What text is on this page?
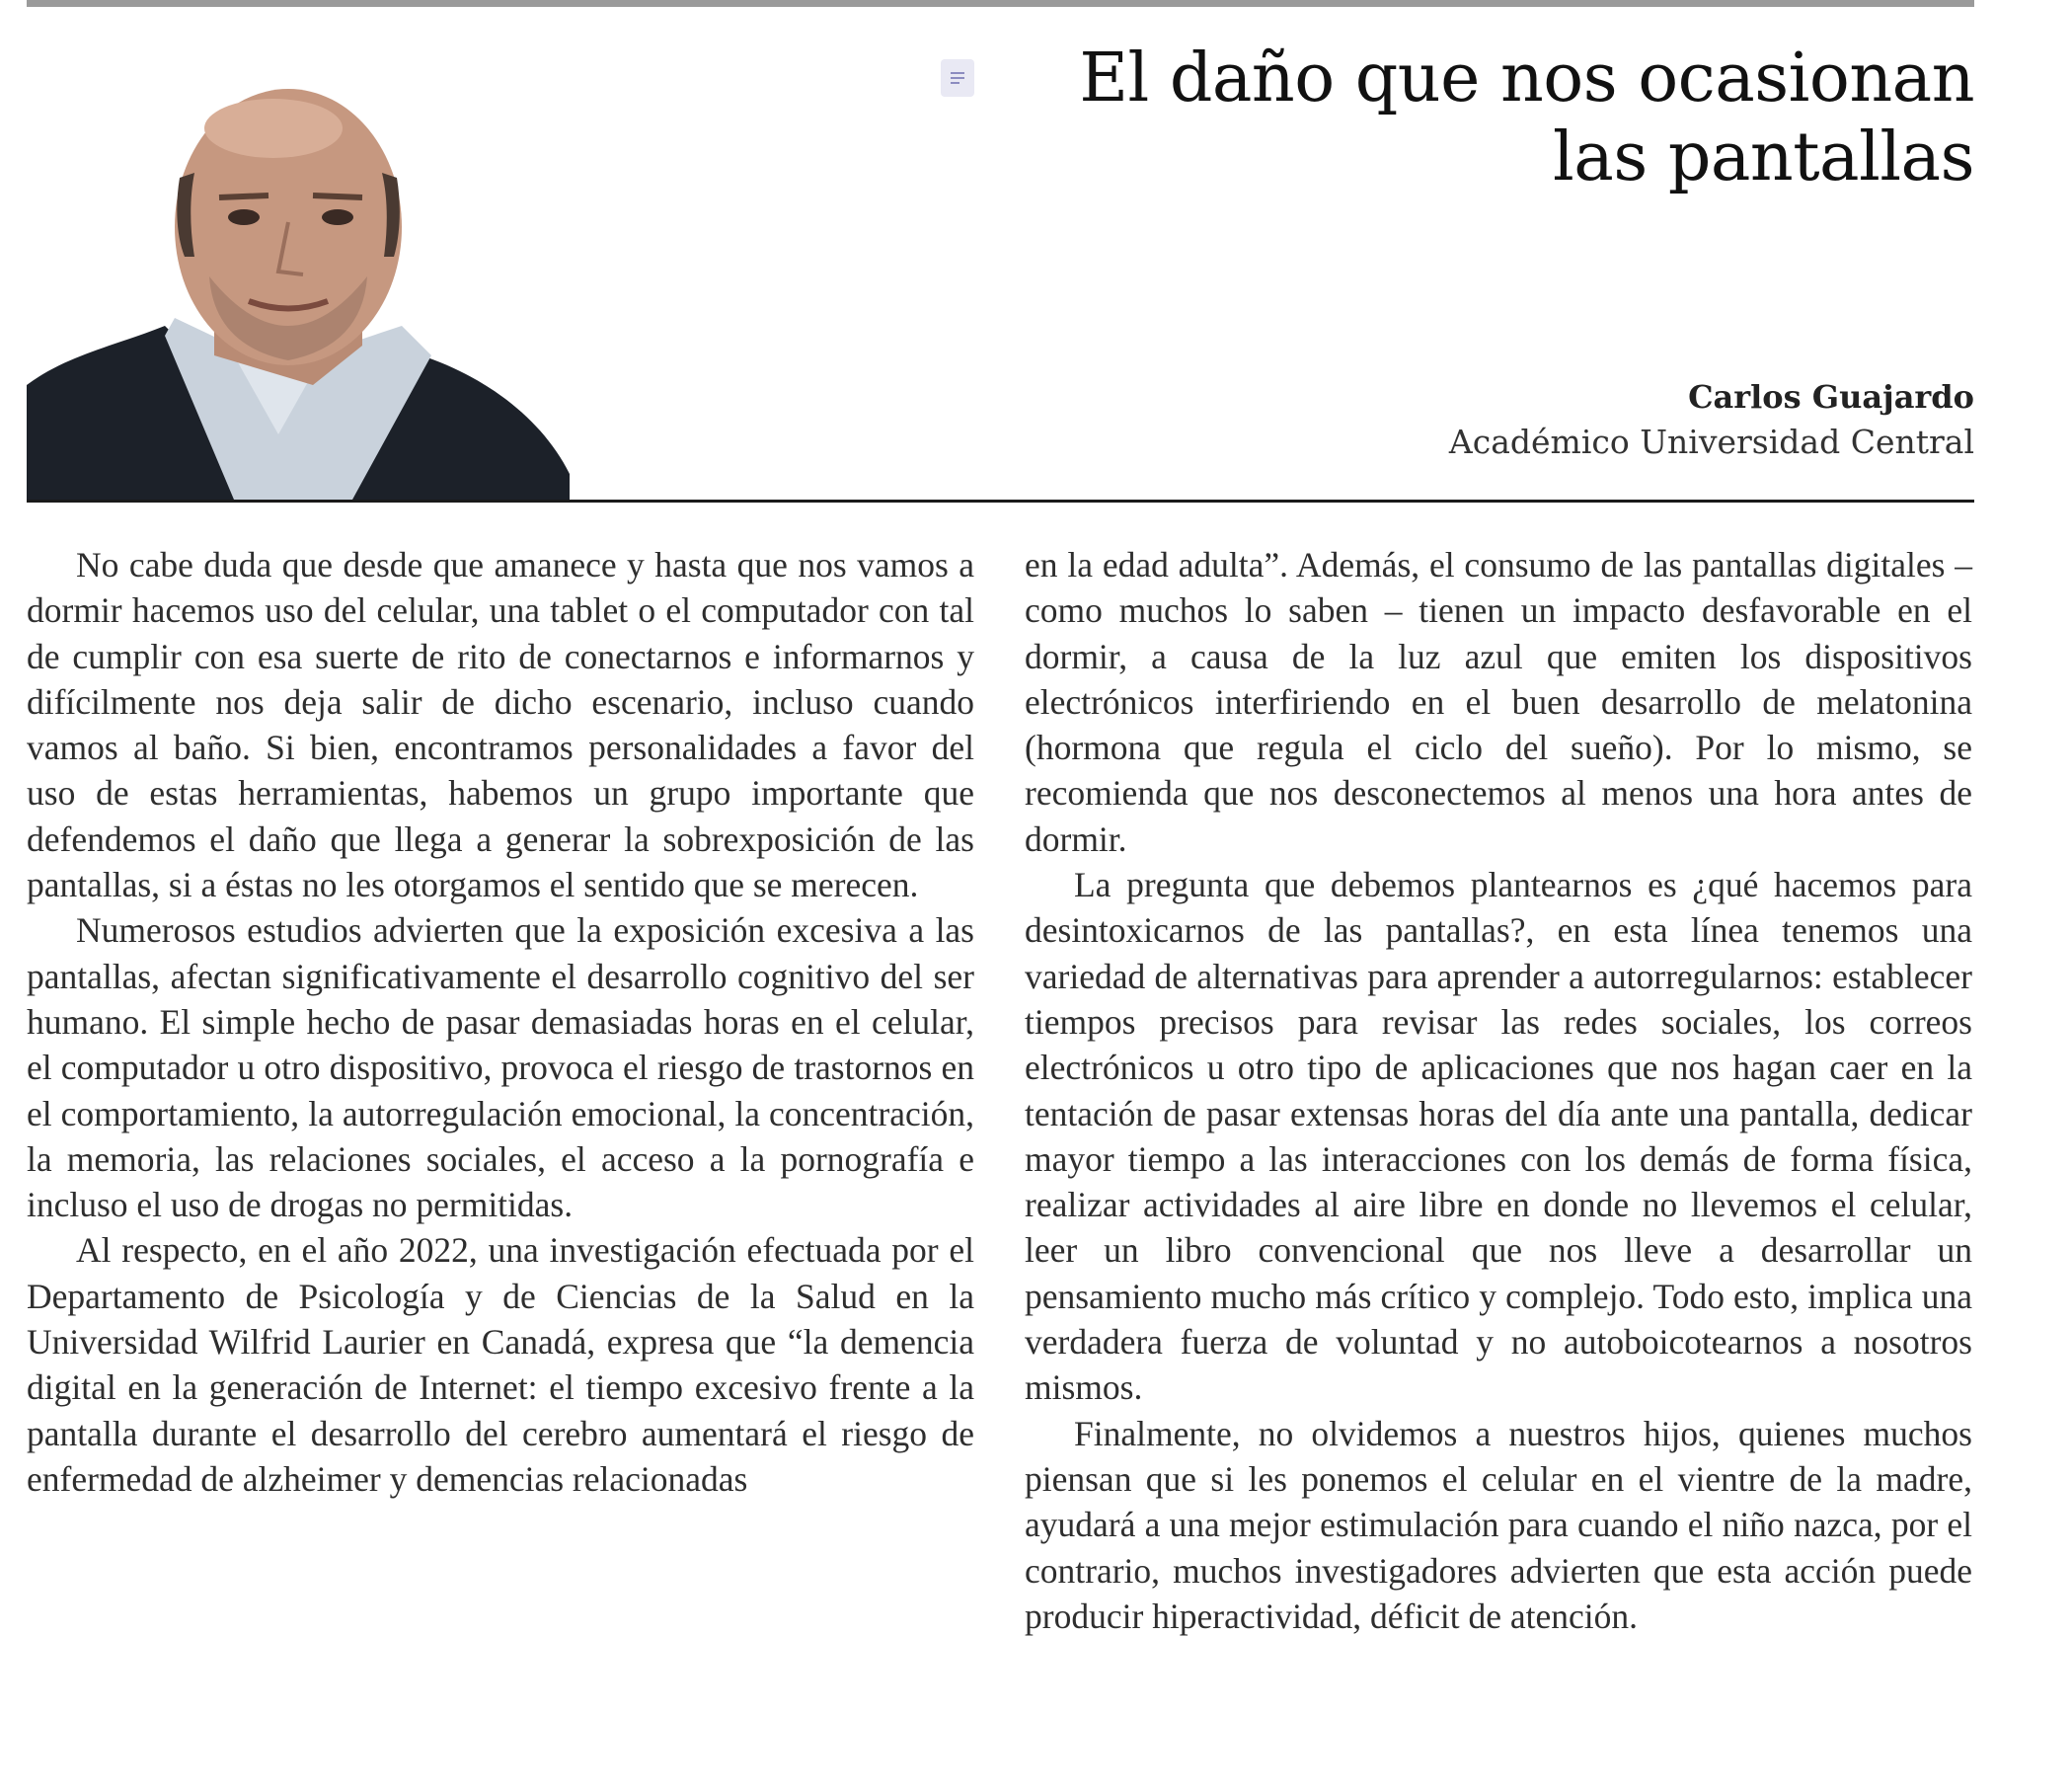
El daño que nos ocasionan las pantallas
Carlos Guajardo
Académico Universidad Central

No cabe duda que desde que amanece y hasta que nos vamos a dormir hacemos uso del celular, una tablet o el computador con tal de cumplir con esa suerte de rito de conectarnos e informarnos y difícilmente nos deja salir de dicho escenario, incluso cuando vamos al baño. Si bien, encontramos personalidades a favor del uso de estas herramientas, habemos un grupo importante que defendemos el daño que llega a generar la sobrexposición de las pantallas, si a éstas no les otorgamos el sentido que se merecen.

Numerosos estudios advierten que la exposición excesiva a las pantallas, afectan significativamente el desarrollo cognitivo del ser humano. El simple hecho de pasar demasiadas horas en el celular, el computador u otro dispositivo, provoca el riesgo de trastornos en el comportamiento, la autorregulación emocional, la concentración, la memoria, las relaciones sociales, el acceso a la pornografía e incluso el uso de drogas no permitidas.

Al respecto, en el año 2022, una investigación efectuada por el Departamento de Psicología y de Ciencias de la Salud en la Universidad Wilfrid Laurier en Canadá, expresa que “la demencia digital en la generación de Internet: el tiempo excesivo frente a la pantalla durante el desarrollo del cerebro aumentará el riesgo de enfermedad de alzheimer y demencias relacionadas

en la edad adulta”. Además, el consumo de las pantallas digitales – como muchos lo saben – tienen un impacto desfavorable en el dormir, a causa de la luz azul que emiten los dispositivos electrónicos interfiriendo en el buen desarrollo de melatonina (hormona que regula el ciclo del sueño). Por lo mismo, se recomienda que nos desconectemos al menos una hora antes de dormir.

La pregunta que debemos plantearnos es ¿qué hacemos para desintoxicarnos de las pantallas?, en esta línea tenemos una variedad de alternativas para aprender a autorregularnos: establecer tiempos precisos para revisar las redes sociales, los correos electrónicos u otro tipo de aplicaciones que nos hagan caer en la tentación de pasar extensas horas del día ante una pantalla, dedicar mayor tiempo a las interacciones con los demás de forma física, realizar actividades al aire libre en donde no llevemos el celular, leer un libro convencional que nos lleve a desarrollar un pensamiento mucho más crítico y complejo. Todo esto, implica una verdadera fuerza de voluntad y no autoboicotearnos a nosotros mismos.

Finalmente, no olvidemos a nuestros hijos, quienes muchos piensan que si les ponemos el celular en el vientre de la madre, ayudará a una mejor estimulación para cuando el niño nazca, por el contrario, muchos investigadores advierten que esta acción puede producir hiperactividad, déficit de atención.
